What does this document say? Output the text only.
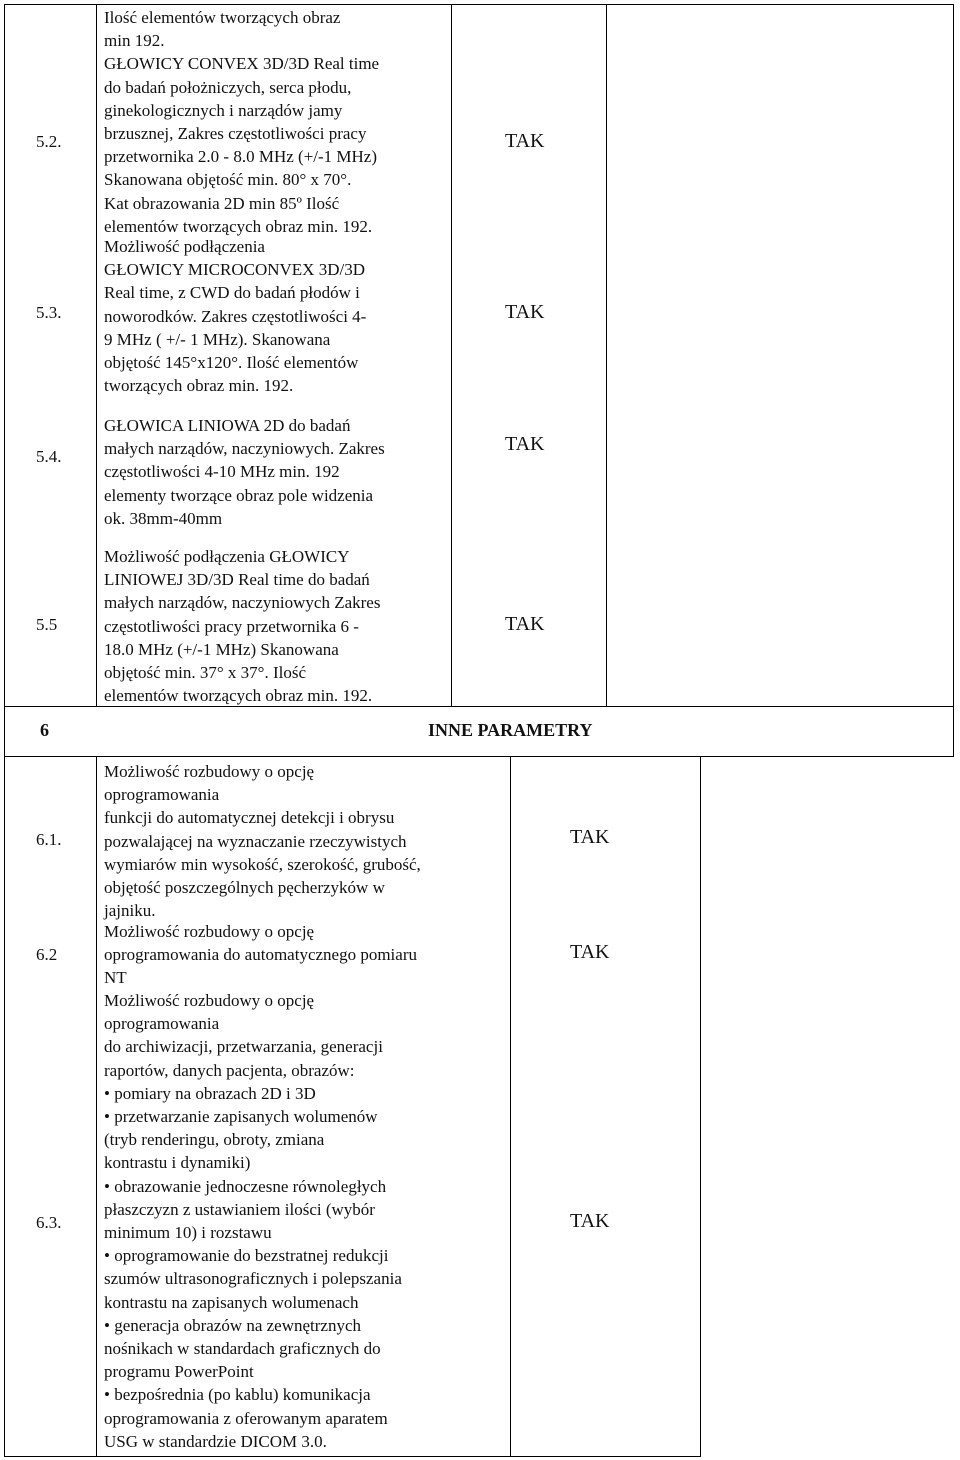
5.2.
Ilość elementów tworzących obraz
min 192.
GŁOWICY CONVEX 3D/3D Real time
do badań położniczych, serca płodu,
ginekologicznych i narządów jamy
brzusznej, Zakres częstotliwości pracy
przetwornika 2.0 - 8.0 MHz (+/-1 MHz)
Skanowana objętość min. 80° x 70°.
Kat obrazowania 2D min 85º Ilość
elementów tworzących obraz min. 192.
TAK
5.3.
Możliwość podłączenia
GŁOWICY MICROCONVEX 3D/3D
Real time, z CWD do badań płodów i
noworodków. Zakres częstotliwości 4-
9 MHz ( +/- 1 MHz). Skanowana
objętość 145°x120°. Ilość elementów
tworzących obraz min. 192.
TAK
5.4.
GŁOWICA LINIOWA 2D do badań
małych narządów, naczyniowych. Zakres
częstotliwości 4-10 MHz min. 192
elementy tworzące obraz pole widzenia
ok. 38mm-40mm
TAK
5.5
Możliwość podłączenia GŁOWICY
LINIOWEJ 3D/3D Real time do badań
małych narządów, naczyniowych Zakres
częstotliwości pracy przetwornika 6 -
18.0 MHz (+/-1 MHz) Skanowana
objętość min. 37° x 37°. Ilość
elementów tworzących obraz min. 192.
TAK
6	INNE PARAMETRY
6.1.
Możliwość rozbudowy o opcję
oprogramowania
funkcji do automatycznej detekcji i obrysu
pozwalającej na wyznaczanie rzeczywistych
wymiarów min wysokość, szerokość, grubość,
objętość poszczególnych pęcherzyków w
jajniku.
TAK
6.2
Możliwość rozbudowy o opcję
oprogramowania do automatycznego pomiaru
NT
TAK
6.3.
Możliwość rozbudowy o opcję
oprogramowania
do archiwizacji, przetwarzania, generacji
raportów, danych pacjenta, obrazów:
• pomiary na obrazach 2D i 3D
• przetwarzanie zapisanych wolumenów
(tryb renderingu, obroty, zmiana
kontrastu i dynamiki)
• obrazowanie jednoczesne równoległych
płaszczyzn z ustawianiem ilości (wybór
minimum 10) i rozstawu
• oprogramowanie do bezstratnej redukcji
szumów ultrasonograficznych i polepszania
kontrastu na zapisanych wolumenach
• generacja obrazów na zewnętrznych
nośnikach w standardach graficznych do
programu PowerPoint
• bezpośrednia (po kablu) komunikacja
oprogramowania z oferowanym aparatem
USG w standardzie DICOM 3.0.
TAK
